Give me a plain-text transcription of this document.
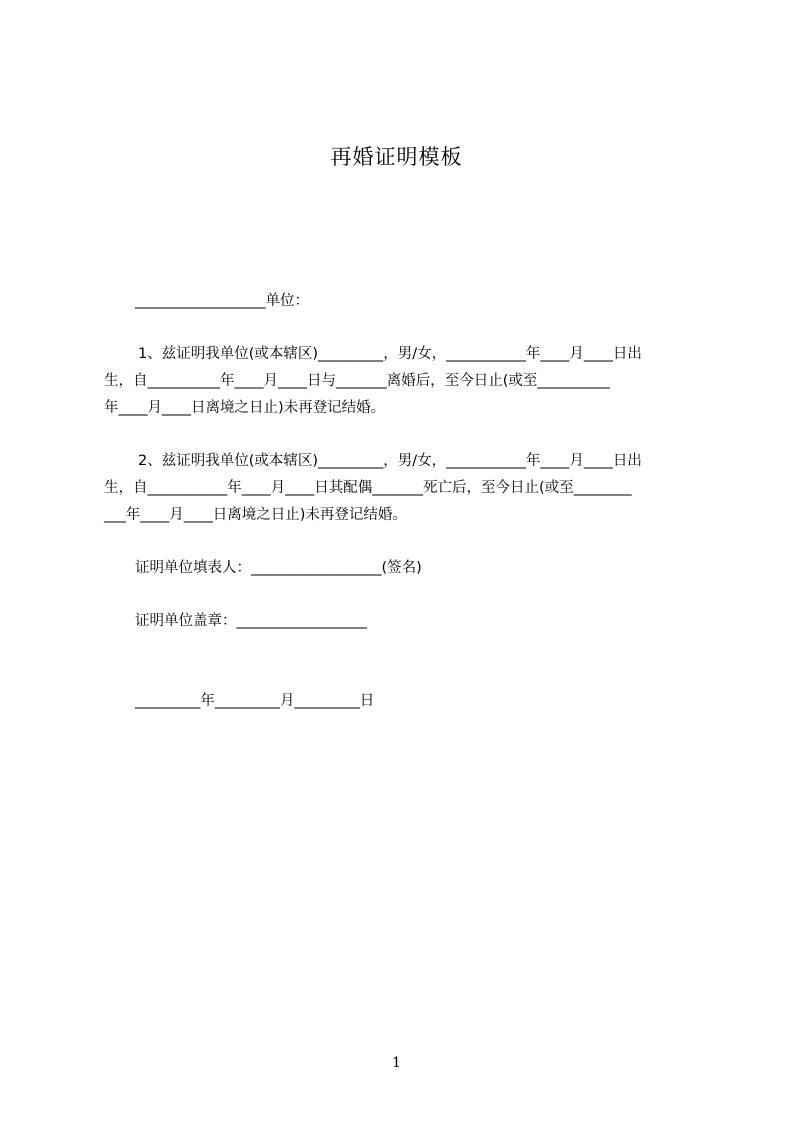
再婚证明模板
__________________单位：
1、兹证明我单位(或本辖区)_________，男/女，___________年____月____日出
生，自__________年____月____日与_______离婚后，至今日止(或至__________
年____月____日离境之日止)未再登记结婚。
2、兹证明我单位(或本辖区)_________，男/女，___________年____月____日出
生，自___________年____月____日其配偶_______死亡后，至今日止(或至________
___年____月____日离境之日止)未再登记结婚。
证明单位填表人：__________________(签名)
证明单位盖章：__________________
_________年_________月_________日
1
